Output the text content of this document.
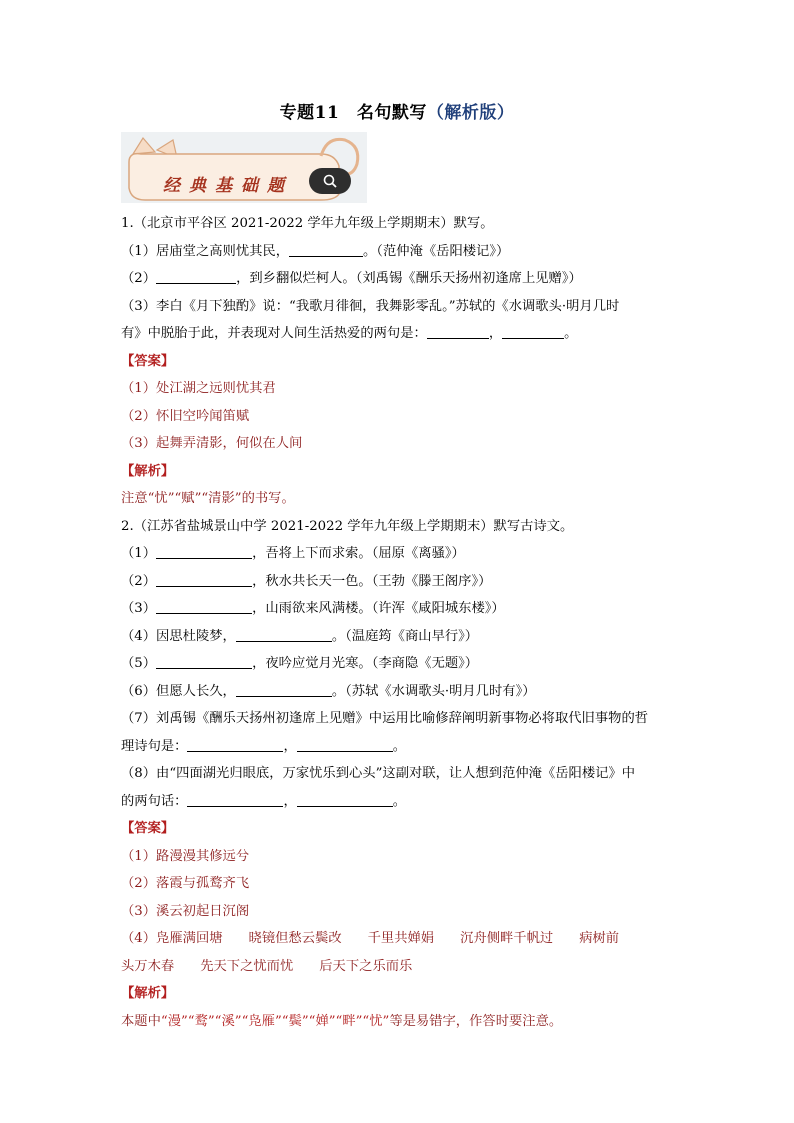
专题11　名句默写（解析版）
经典基础题
1.（北京市平谷区 2021-2022 学年九年级上学期期末）默写。
（1）居庙堂之高则忧其民，	。（范仲淹《岳阳楼记》）
（2）	，到乡翻似烂柯人。（刘禹锡《酬乐天扬州初逢席上见赠》）
（3）李白《月下独酌》说：“我歌月徘徊，我舞影零乱。”苏轼的《水调歌头·明月几时
有》中脱胎于此，并表现对人间生活热爱的两句是：	，	。
【答案】
（1）处江湖之远则忧其君
（2）怀旧空吟闻笛赋
（3）起舞弄清影，何似在人间
【解析】
注意“忧”“赋”“清影”的书写。
2.（江苏省盐城景山中学 2021-2022 学年九年级上学期期末）默写古诗文。
（1）	，吾将上下而求索。（屈原《离骚》）
（2）	，秋水共长天一色。（王勃《滕王阁序》）
（3）	，山雨欲来风满楼。（许浑《咸阳城东楼》）
（4）因思杜陵梦，	。（温庭筠《商山早行》）
（5）	，夜吟应觉月光寒。（李商隐《无题》）
（6）但愿人长久，	。（苏轼《水调歌头·明月几时有》）
（7）刘禹锡《酬乐天扬州初逢席上见赠》中运用比喻修辞阐明新事物必将取代旧事物的哲
理诗句是：	，	。
（8）由“四面湖光归眼底，万家忧乐到心头”这副对联，让人想到范仲淹《岳阳楼记》中
的两句话：	，	。
【答案】
（1）路漫漫其修远兮
（2）落霞与孤鹜齐飞
（3）溪云初起日沉阁
（4）凫雁满回塘 晓镜但愁云鬓改 千里共婵娟 沉舟侧畔千帆过 病树前
头万木春 先天下之忧而忧 后天下之乐而乐
【解析】
本题中“漫”“鹜”“溪”“凫雁”“鬓”“婵”“畔”“忧”等是易错字，作答时要注意。
